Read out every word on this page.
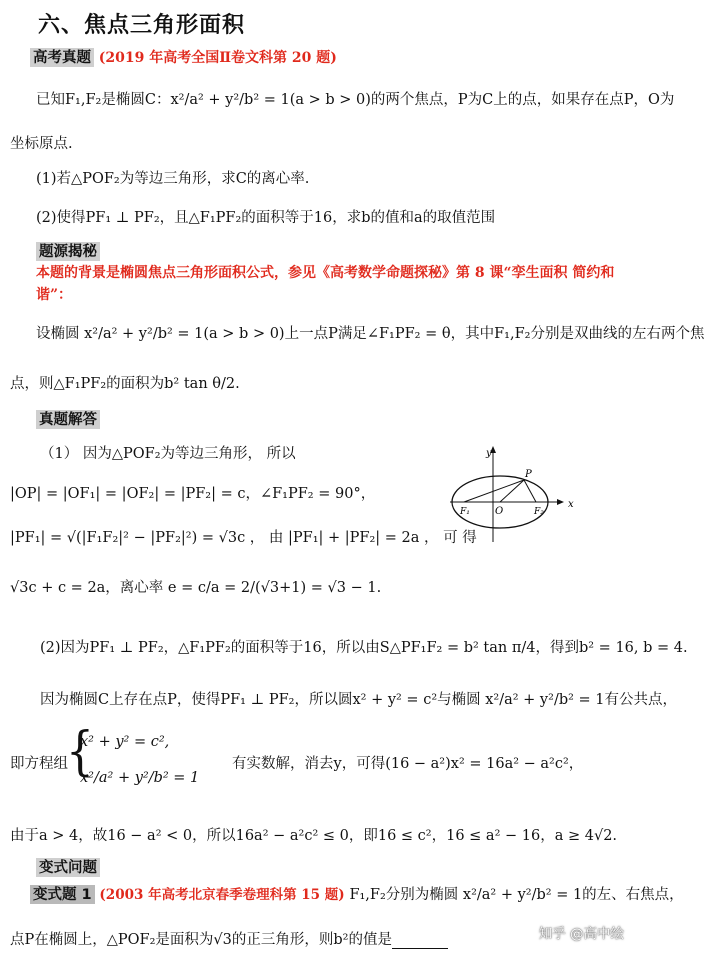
六、焦点三角形面积
高考真题 (2019 年高考全国Ⅱ卷文科第 20 题)
已知F₁,F₂是椭圆C：x²/a² + y²/b² = 1(a > b > 0)的两个焦点，P为C上的点，如果存在点P，O为
坐标原点.
(1)若△POF₂为等边三角形，求C的离心率.
(2)使得PF₁ ⊥ PF₂，且△F₁PF₂的面积等于16，求b的值和a的取值范围
题源揭秘
本题的背景是椭圆焦点三角形面积公式，参见《高考数学命题探秘》第 8 课“孪生面积 简约和
谐”：
设椭圆 x²/a² + y²/b² = 1(a > b > 0)上一点P满足∠F₁PF₂ = θ，其中F₁,F₂分别是双曲线的左右两个焦
点，则△F₁PF₂的面积为b² tan θ/2.
真题解答
（1） 因为△POF₂为等边三角形， 所以
|OP| = |OF₁| = |OF₂| = |PF₂| = c，∠F₁PF₂ = 90°，
|PF₁| = √(|F₁F₂|² − |PF₂|²) = √3c ， 由 |PF₁| + |PF₂| = 2a ， 可 得
√3c + c = 2a，离心率 e = c/a = 2/(√3+1) = √3 − 1.
y
x
P
O
F₁	F₂
(2)因为PF₁ ⊥ PF₂，△F₁PF₂的面积等于16，所以由S△PF₁F₂ = b² tan π/4，得到b² = 16, b = 4.
因为椭圆C上存在点P，使得PF₁ ⊥ PF₂，所以圆x² + y² = c²与椭圆 x²/a² + y²/b² = 1有公共点，
即方程组
{
x² + y² = c²,
x²/a² + y²/b² = 1
有实数解，消去y，可得(16 − a²)x² = 16a² − a²c²，
由于a > 4，故16 − a² < 0，所以16a² − a²c² ≤ 0，即16 ≤ c²，16 ≤ a² − 16，a ≥ 4√2.
变式问题
变式题 1 (2003 年高考北京春季卷理科第 15 题) F₁,F₂分别为椭圆 x²/a² + y²/b² = 1的左、右焦点，
点P在椭圆上，△POF₂是面积为√3的正三角形，则b²的值是	知乎 @高中绘
